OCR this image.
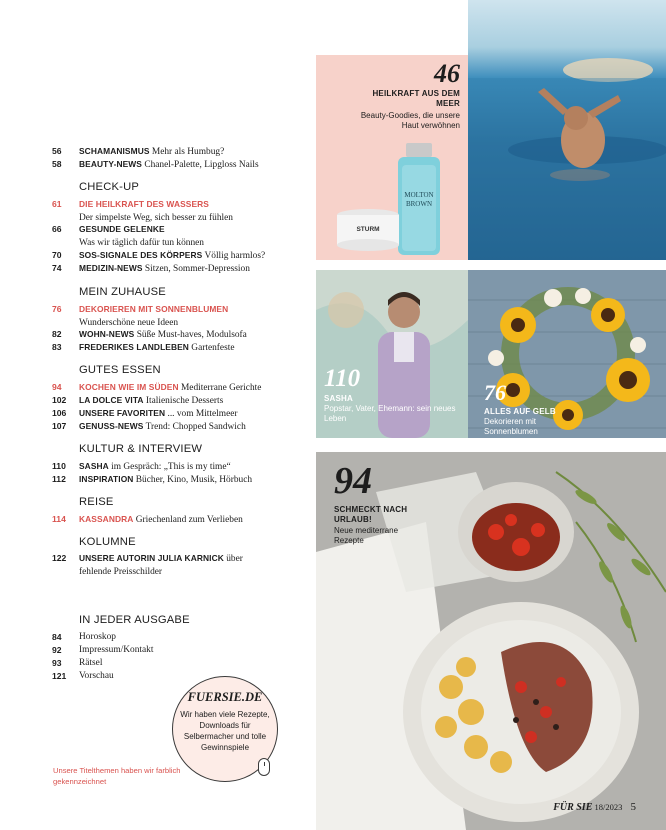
56	SCHAMANISMUS Mehr als Humbug?
58	BEAUTY-NEWS Chanel-Palette, Lipgloss Nails
CHECK-UP
61	DIE HEILKRAFT DES WASSERS
Der simpelste Weg, sich besser zu fühlen
66	GESUNDE GELENKE
Was wir täglich dafür tun können
70	SOS-SIGNALE DES KÖRPERS Völlig harmlos?
74	MEDIZIN-NEWS Sitzen, Sommer-Depression
MEIN ZUHAUSE
76	DEKORIEREN MIT SONNENBLUMEN
Wunderschöne neue Ideen
82	WOHN-NEWS Süße Must-haves, Modulsofa
83	FREDERIKES LANDLEBEN Gartenfeste
GUTES ESSEN
94	KOCHEN WIE IM SÜDEN Mediterrane Gerichte
102	LA DOLCE VITA Italienische Desserts
106	UNSERE FAVORITEN ... vom Mittelmeer
107	GENUSS-NEWS Trend: Chopped Sandwich
KULTUR & INTERVIEW
110	SASHA im Gespräch: „This is my time“
112	INSPIRATION Bücher, Kino, Musik, Hörbuch
REISE
114	KASSANDRA Griechenland zum Verlieben
KOLUMNE
122	UNSERE AUTORIN JULIA KARNICK über
fehlende Preisschilder
IN JEDER AUSGABE
84	Horoskop
92	Impressum/Kontakt
93	Rätsel
121	Vorschau
Unsere Titelthemen haben wir farblich gekennzeichnet
FUERSIE.DE
Wir haben viele Rezepte, Downloads für Selbermacher und tolle Gewinnspiele
46
HEILKRAFT AUS DEM MEER
Beauty-Goodies, die unsere Haut verwöhnen
MOLTON
BROWN
STURM
110
SASHA
Popstar, Vater, Ehemann: sein neues Leben
76
ALLES AUF GELB
Dekorieren mit Sonnenblumen
94
SCHMECKT NACH URLAUB!
Neue mediterrane Rezepte
FÜR SIE 18/2023 5
